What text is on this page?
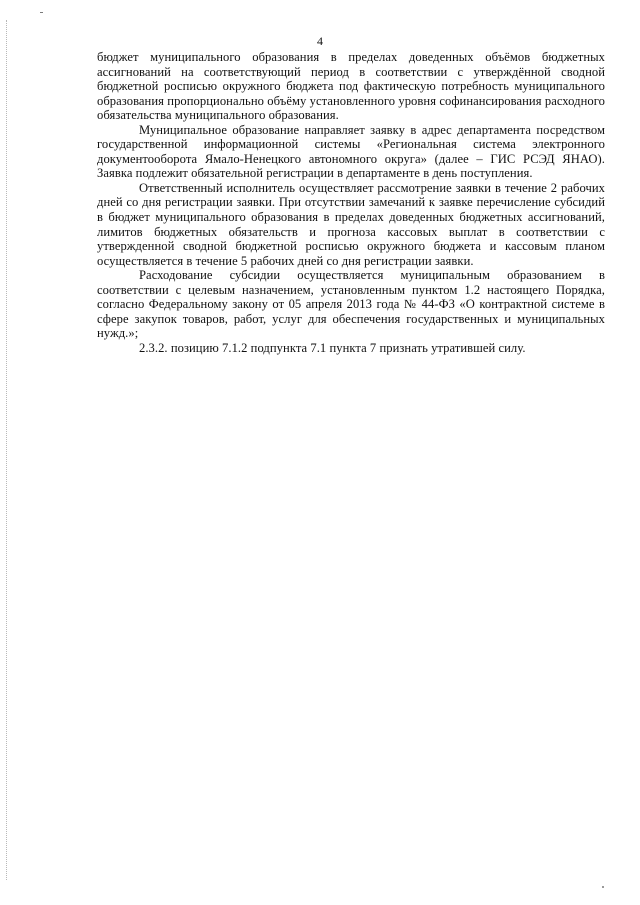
4

бюджет муниципального образования в пределах доведенных объёмов бюджетных ассигнований на соответствующий период в соответствии с утверждённой сводной бюджетной росписью окружного бюджета под фактическую потребность муниципального образования пропорционально объёму установленного уровня софинансирования расходного обязательства муниципального образования.

Муниципальное образование направляет заявку в адрес департамента посредством государственной информационной системы «Региональная система электронного документооборота Ямало-Ненецкого автономного округа» (далее – ГИС РСЭД ЯНАО). Заявка подлежит обязательной регистрации в департаменте в день поступления.

Ответственный исполнитель осуществляет рассмотрение заявки в течение 2 рабочих дней со дня регистрации заявки. При отсутствии замечаний к заявке перечисление субсидий в бюджет муниципального образования в пределах доведенных бюджетных ассигнований, лимитов бюджетных обязательств и прогноза кассовых выплат в соответствии с утвержденной сводной бюджетной росписью окружного бюджета и кассовым планом осуществляется в течение 5 рабочих дней со дня регистрации заявки.

Расходование субсидии осуществляется муниципальным образованием в соответствии с целевым назначением, установленным пунктом 1.2 настоящего Порядка, согласно Федеральному закону от 05 апреля 2013 года № 44-ФЗ «О контрактной системе в сфере закупок товаров, работ, услуг для обеспечения государственных и муниципальных нужд.»;

2.3.2. позицию 7.1.2 подпункта 7.1 пункта 7 признать утратившей силу.
